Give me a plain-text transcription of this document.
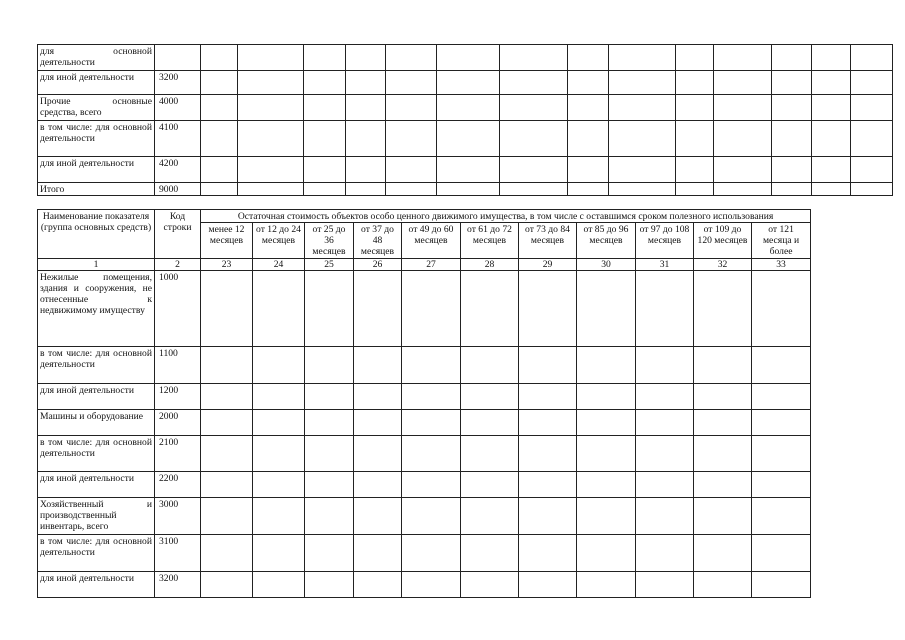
для основной деятельности															
для иной деятельности	3200														
Прочие основные средства, всего	4000														
в том числе: для основной деятельности	4100														
для иной деятельности	4200														
Итого	9000														
Наименование показателя (группа основных средств)	Код строки	Остаточная стоимость объектов особо ценного движимого имущества, в том числе с оставшимся сроком полезного использования										
		менее 12 месяцев	от 12 до 24 месяцев	от 25 до 36 месяцев	от 37 до 48 месяцев	от 49 до 60 месяцев	от 61 до 72 месяцев	от 73 до 84 месяцев	от 85 до 96 месяцев	от 97 до 108 месяцев	от 109 до 120 месяцев	от 121 месяца и более
1	2	23	24	25	26	27	28	29	30	31	32	33
Нежилые помещения, здания и сооружения, не отнесенные к недвижимому имуществу	1000											
в том числе: для основной деятельности	1100											
для иной деятельности	1200											
Машины и оборудование	2000											
в том числе: для основной деятельности	2100											
для иной деятельности	2200											
Хозяйственный и производственный инвентарь, всего	3000											
в том числе: для основной деятельности	3100											
для иной деятельности	3200											
